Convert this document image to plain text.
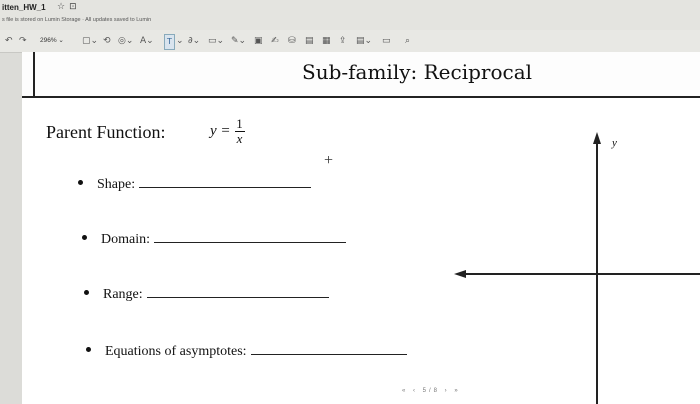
itten_HW_1 ☆⊡
s file is stored on Lumin Storage · All updates saved to Lumin
↶ ↷ 296% ⌄ ▢⌄ ⟲ ◎⌄ A⌄	T ⌄ ∂⌄ ▭⌄ ✎⌄ ▣ ✍ ⛁ ▤ ▦ ⇪ ▤⌄ ▭ ⌕
Sub-family: Reciprocal
Parent Function:	$y = \frac{1}{x}$
+
Shape:
Domain:
Range:
Equations of asymptotes:
y
« ‹ 5/8 › »
